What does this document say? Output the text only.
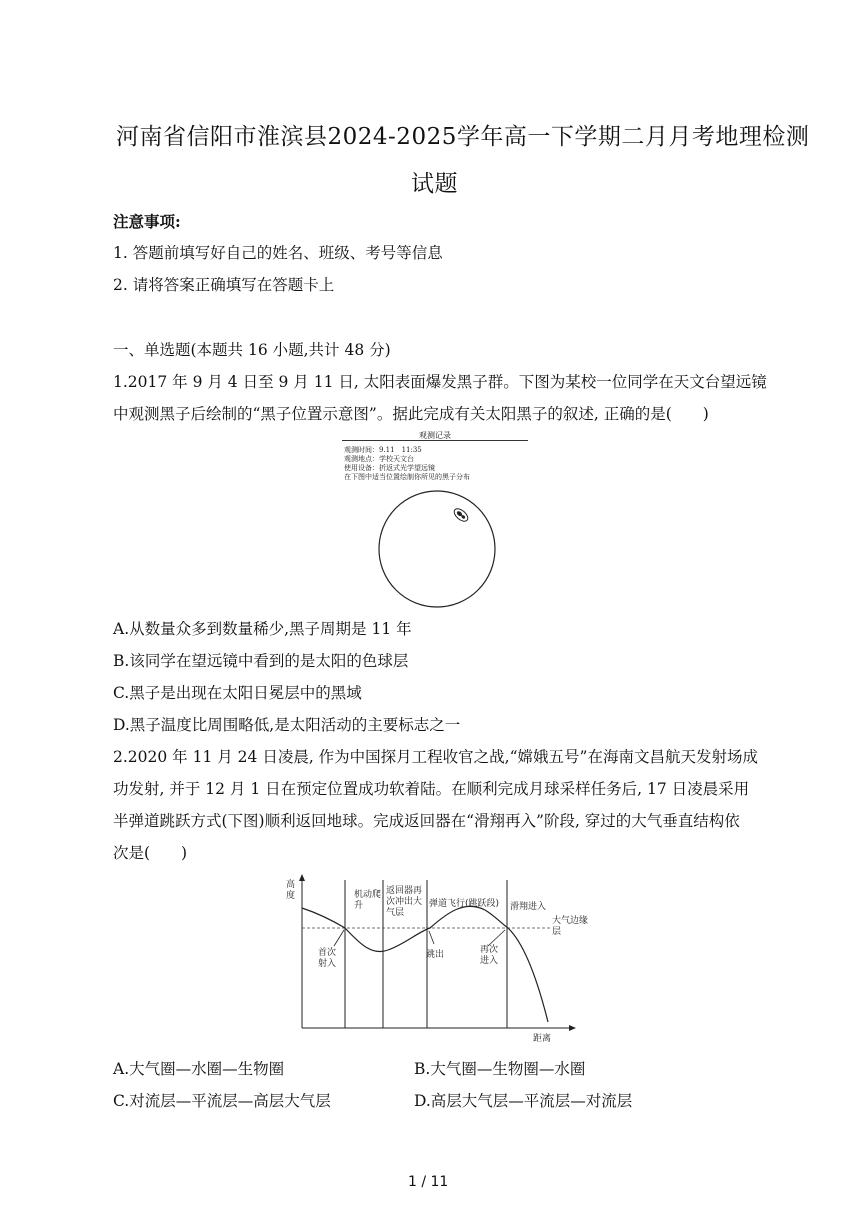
河南省信阳市淮滨县2024-2025学年高一下学期二月月考地理检测
试题
注意事项:
1. 答题前填写好自己的姓名、班级、考号等信息
2. 请将答案正确填写在答题卡上
一、单选题(本题共 16 小题,共计 48 分)
1.2017 年 9 月 4 日至 9 月 11 日, 太阳表面爆发黑子群。下图为某校一位同学在天文台望远镜
中观测黑子后绘制的“黑子位置示意图”。据此完成有关太阳黑子的叙述, 正确的是(　　)
观测记录
观测时间：9.11　11:35
观测地点：学校天文台
使用设备：折返式光学望远镜
在下图中适当位置绘制你所见的黑子分布
A.从数量众多到数量稀少,黑子周期是 11 年
B.该同学在望远镜中看到的是太阳的色球层
C.黑子是出现在太阳日冕层中的黑域
D.黑子温度比周围略低,是太阳活动的主要标志之一
2.2020 年 11 月 24 日凌晨, 作为中国探月工程收官之战,“嫦娥五号”在海南文昌航天发射场成
功发射, 并于 12 月 1 日在预定位置成功软着陆。在顺利完成月球采样任务后, 17 日凌晨采用
半弹道跳跃方式(下图)顺利返回地球。完成返回器在“滑翔再入”阶段, 穿过的大气垂直结构依
次是(　　)
高度
距离
机动爬升
返回器再次冲出大气层
弹道飞行(跳跃段) 滑翔进入
大气边缘层
首次射入
跳出	再次进入
A.大气圈—水圈—生物圈	B.大气圈—生物圈—水圈
C.对流层—平流层—高层大气层	D.高层大气层—平流层—对流层
1 / 11
